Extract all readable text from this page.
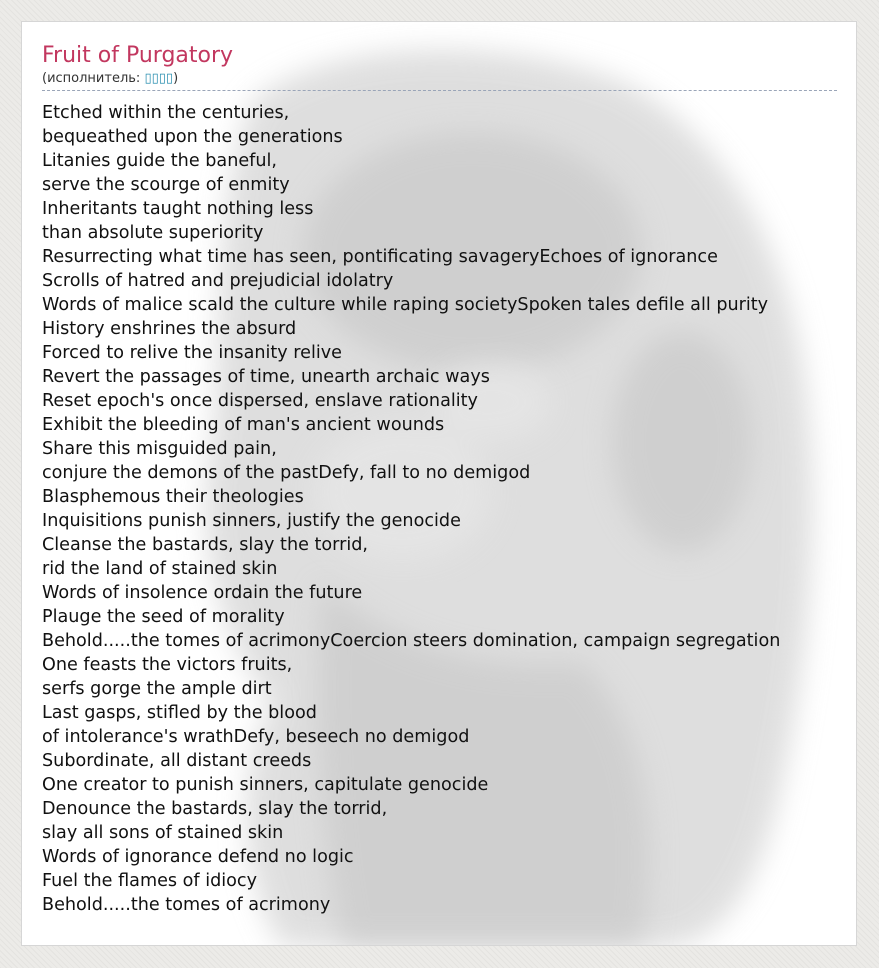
Fruit of Purgatory
(исполнитель: ▯▯▯▯)
Etched within the centuries,
bequeathed upon the generations
Litanies guide the baneful,
serve the scourge of enmity
Inheritants taught nothing less
than absolute superiority
Resurrecting what time has seen, pontificating savageryEchoes of ignorance
Scrolls of hatred and prejudicial idolatry
Words of malice scald the culture while raping societySpoken tales defile all purity
History enshrines the absurd
Forced to relive the insanity relive
Revert the passages of time, unearth archaic ways
Reset epoch's once dispersed, enslave rationality
Exhibit the bleeding of man's ancient wounds
Share this misguided pain,
conjure the demons of the pastDefy, fall to no demigod
Blasphemous their theologies
Inquisitions punish sinners, justify the genocide
Cleanse the bastards, slay the torrid,
rid the land of stained skin
Words of insolence ordain the future
Plauge the seed of morality
Behold.....the tomes of acrimonyCoercion steers domination, campaign segregation
One feasts the victors fruits,
serfs gorge the ample dirt
Last gasps, stifled by the blood
of intolerance's wrathDefy, beseech no demigod
Subordinate, all distant creeds
One creator to punish sinners, capitulate genocide
Denounce the bastards, slay the torrid,
slay all sons of stained skin
Words of ignorance defend no logic
Fuel the flames of idiocy
Behold.....the tomes of acrimony
